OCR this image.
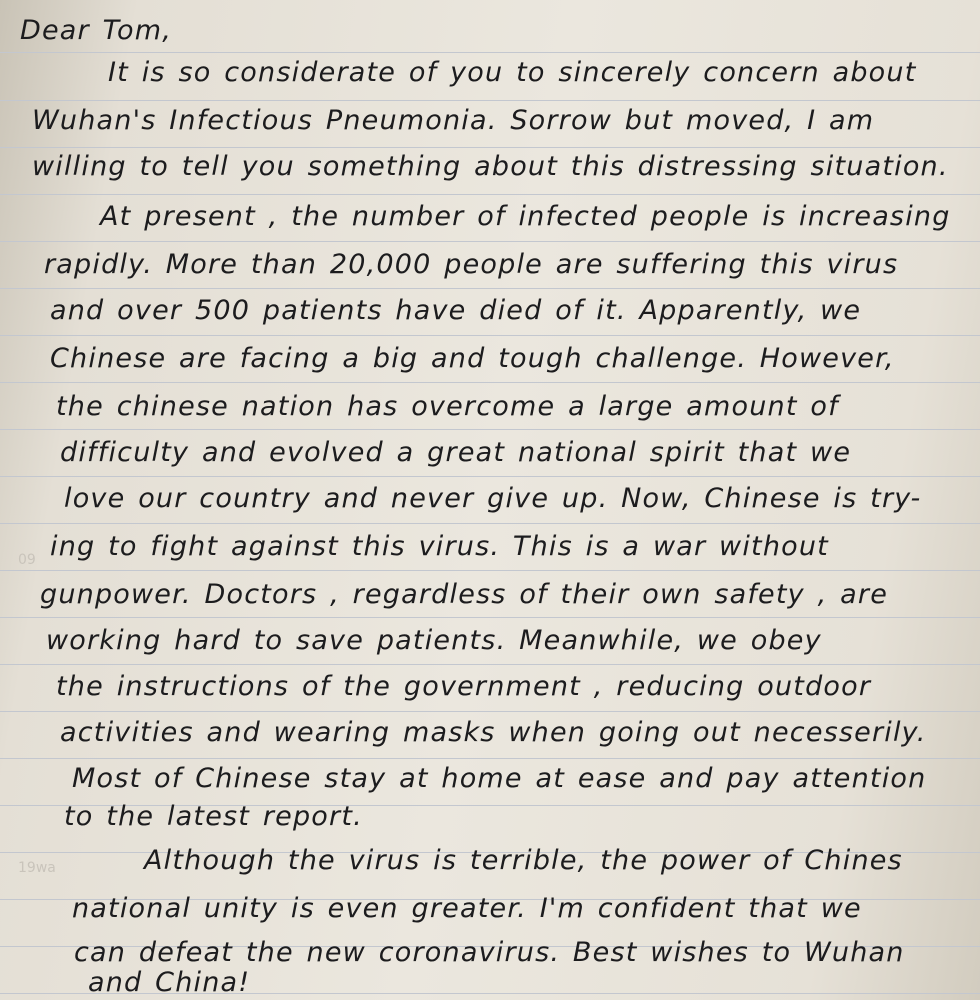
09
19wa
Dear Tom,
It is so considerate of you to sincerely concern about
Wuhan's Infectious Pneumonia. Sorrow but moved, I am
willing to tell you something about this distressing situation.
At present , the number of infected people is increasing
rapidly. More than 20,000 people are suffering this virus
and over 500 patients have died of it. Apparently, we
Chinese are facing a big and tough challenge. However,
the chinese nation has overcome a large amount of
difficulty and evolved a great national spirit that we
love our country and never give up. Now, Chinese is try-
ing to fight against this virus. This is a war without
gunpower. Doctors , regardless of their own safety , are
working hard to save patients. Meanwhile, we obey
the instructions of the government , reducing outdoor
activities and wearing masks when going out necesserily.
Most of Chinese stay at home at ease and pay attention
to the latest report.
Although the virus is terrible, the power of Chines
national unity is even greater. I'm confident that we
can defeat the new coronavirus. Best wishes to Wuhan
and China!
